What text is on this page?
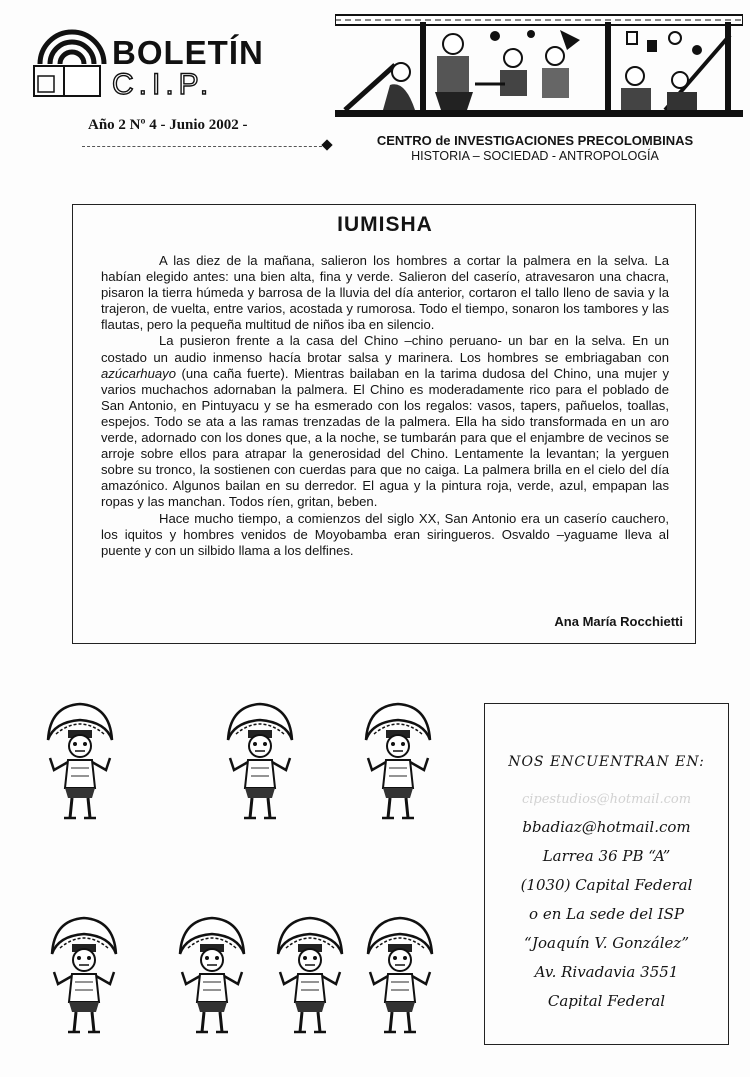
BOLETÍN
C.I.P.
Año 2 Nº 4 - Junio 2002 -
CENTRO de INVESTIGACIONES PRECOLOMBINAS
HISTORIA – SOCIEDAD - ANTROPOLOGÍA
IUMISHA

A las diez de la mañana, salieron los hombres a cortar la palmera en la selva. La habían elegido antes: una bien alta, fina y verde. Salieron del caserío, atravesaron una chacra, pisaron la tierra húmeda y barrosa de la lluvia del día anterior, cortaron el tallo lleno de savia y la trajeron, de vuelta, entre varios, acostada y rumorosa. Todo el tiempo, sonaron los tambores y las flautas, pero la pequeña multitud de niños iba en silencio.

La pusieron frente a la casa del Chino –chino peruano- un bar en la selva. En un costado un audio inmenso hacía brotar salsa y marinera. Los hombres se embriagaban con azúcarhuayo (una caña fuerte). Mientras bailaban en la tarima dudosa del Chino, una mujer y varios muchachos adornaban la palmera. El Chino es moderadamente rico para el poblado de San Antonio, en Pintuyacu y se ha esmerado con los regalos: vasos, tapers, pañuelos, toallas, espejos. Todo se ata a las ramas trenzadas de la palmera. Ella ha sido transformada en un aro verde, adornado con los dones que, a la noche, se tumbarán para que el enjambre de vecinos se arroje sobre ellos para atrapar la generosidad del Chino. Lentamente la levantan; la yerguen sobre su tronco, la sostienen con cuerdas para que no caiga. La palmera brilla en el cielo del día amazónico. Algunos bailan en su derredor. El agua y la pintura roja, verde, azul, empapan las ropas y las manchan. Todos ríen, gritan, beben.

Hace mucho tiempo, a comienzos del siglo XX, San Antonio era un caserío cauchero, los iquitos y hombres venidos de Moyobamba eran siringueros. Osvaldo –yaguame lleva al puente y con un silbido llama a los delfines.

Ana María Rocchietti
NOS ENCUENTRAN EN:
cipestudios@hotmail.com
bbadiaz@hotmail.com
Larrea 36 PB “A”
(1030) Capital Federal
o en La sede del ISP
“Joaquín V. González”
Av. Rivadavia 3551
Capital Federal
